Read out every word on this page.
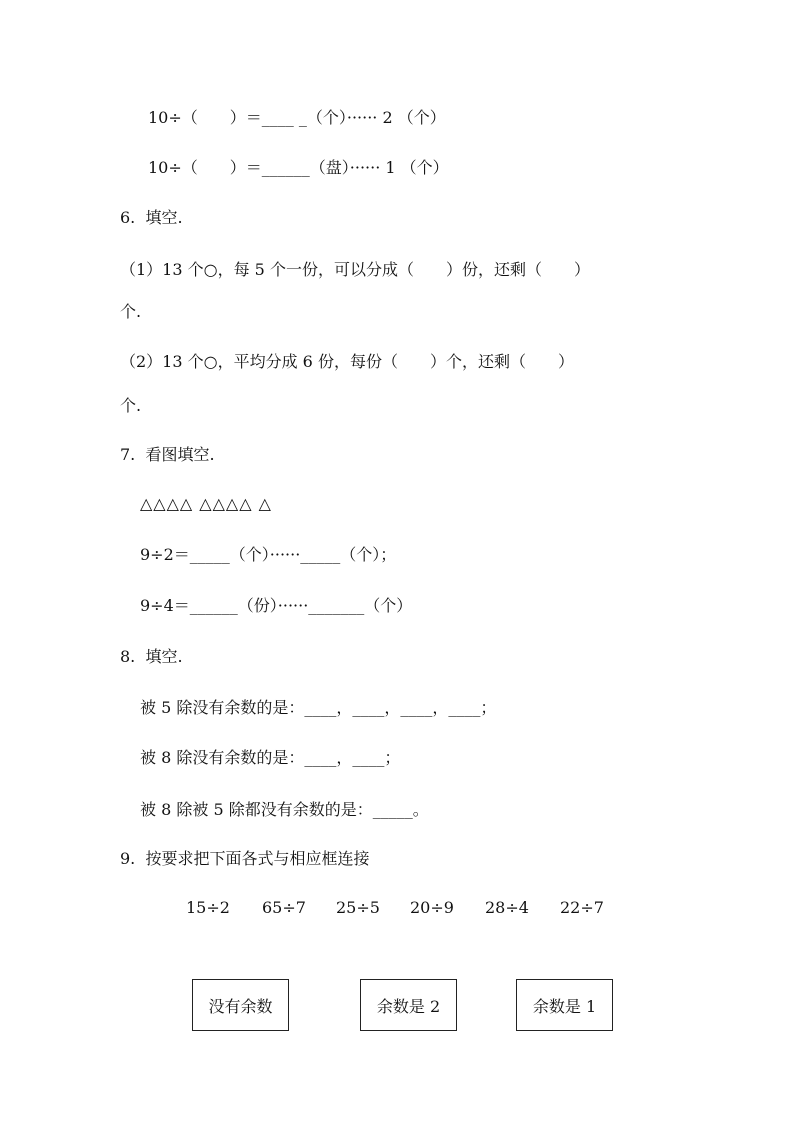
10÷（　　）＝____ _（个）······ 2 （个）
10÷（　　）＝______（盘）······ 1 （个）
6.  填空.
（1）13 个○，每 5 个一份，可以分成（　　）份，还剩（　　）
个.
（2）13 个○，平均分成 6 份，每份（　　）个，还剩（　　）
个.
7.  看图填空.
△△△△ △△△△ △
9÷2＝_____（个）······_____（个）；
9÷4＝______（份）······_______（个）
8.  填空.
被 5 除没有余数的是：____，____，____，____；
被 8 除没有余数的是：____，____；
被 8 除被 5 除都没有余数的是：_____。
9.  按要求把下面各式与相应框连接
15÷2 65÷7 25÷5 20÷9 28÷4 22÷7
没有余数	余数是 2	余数是 1
